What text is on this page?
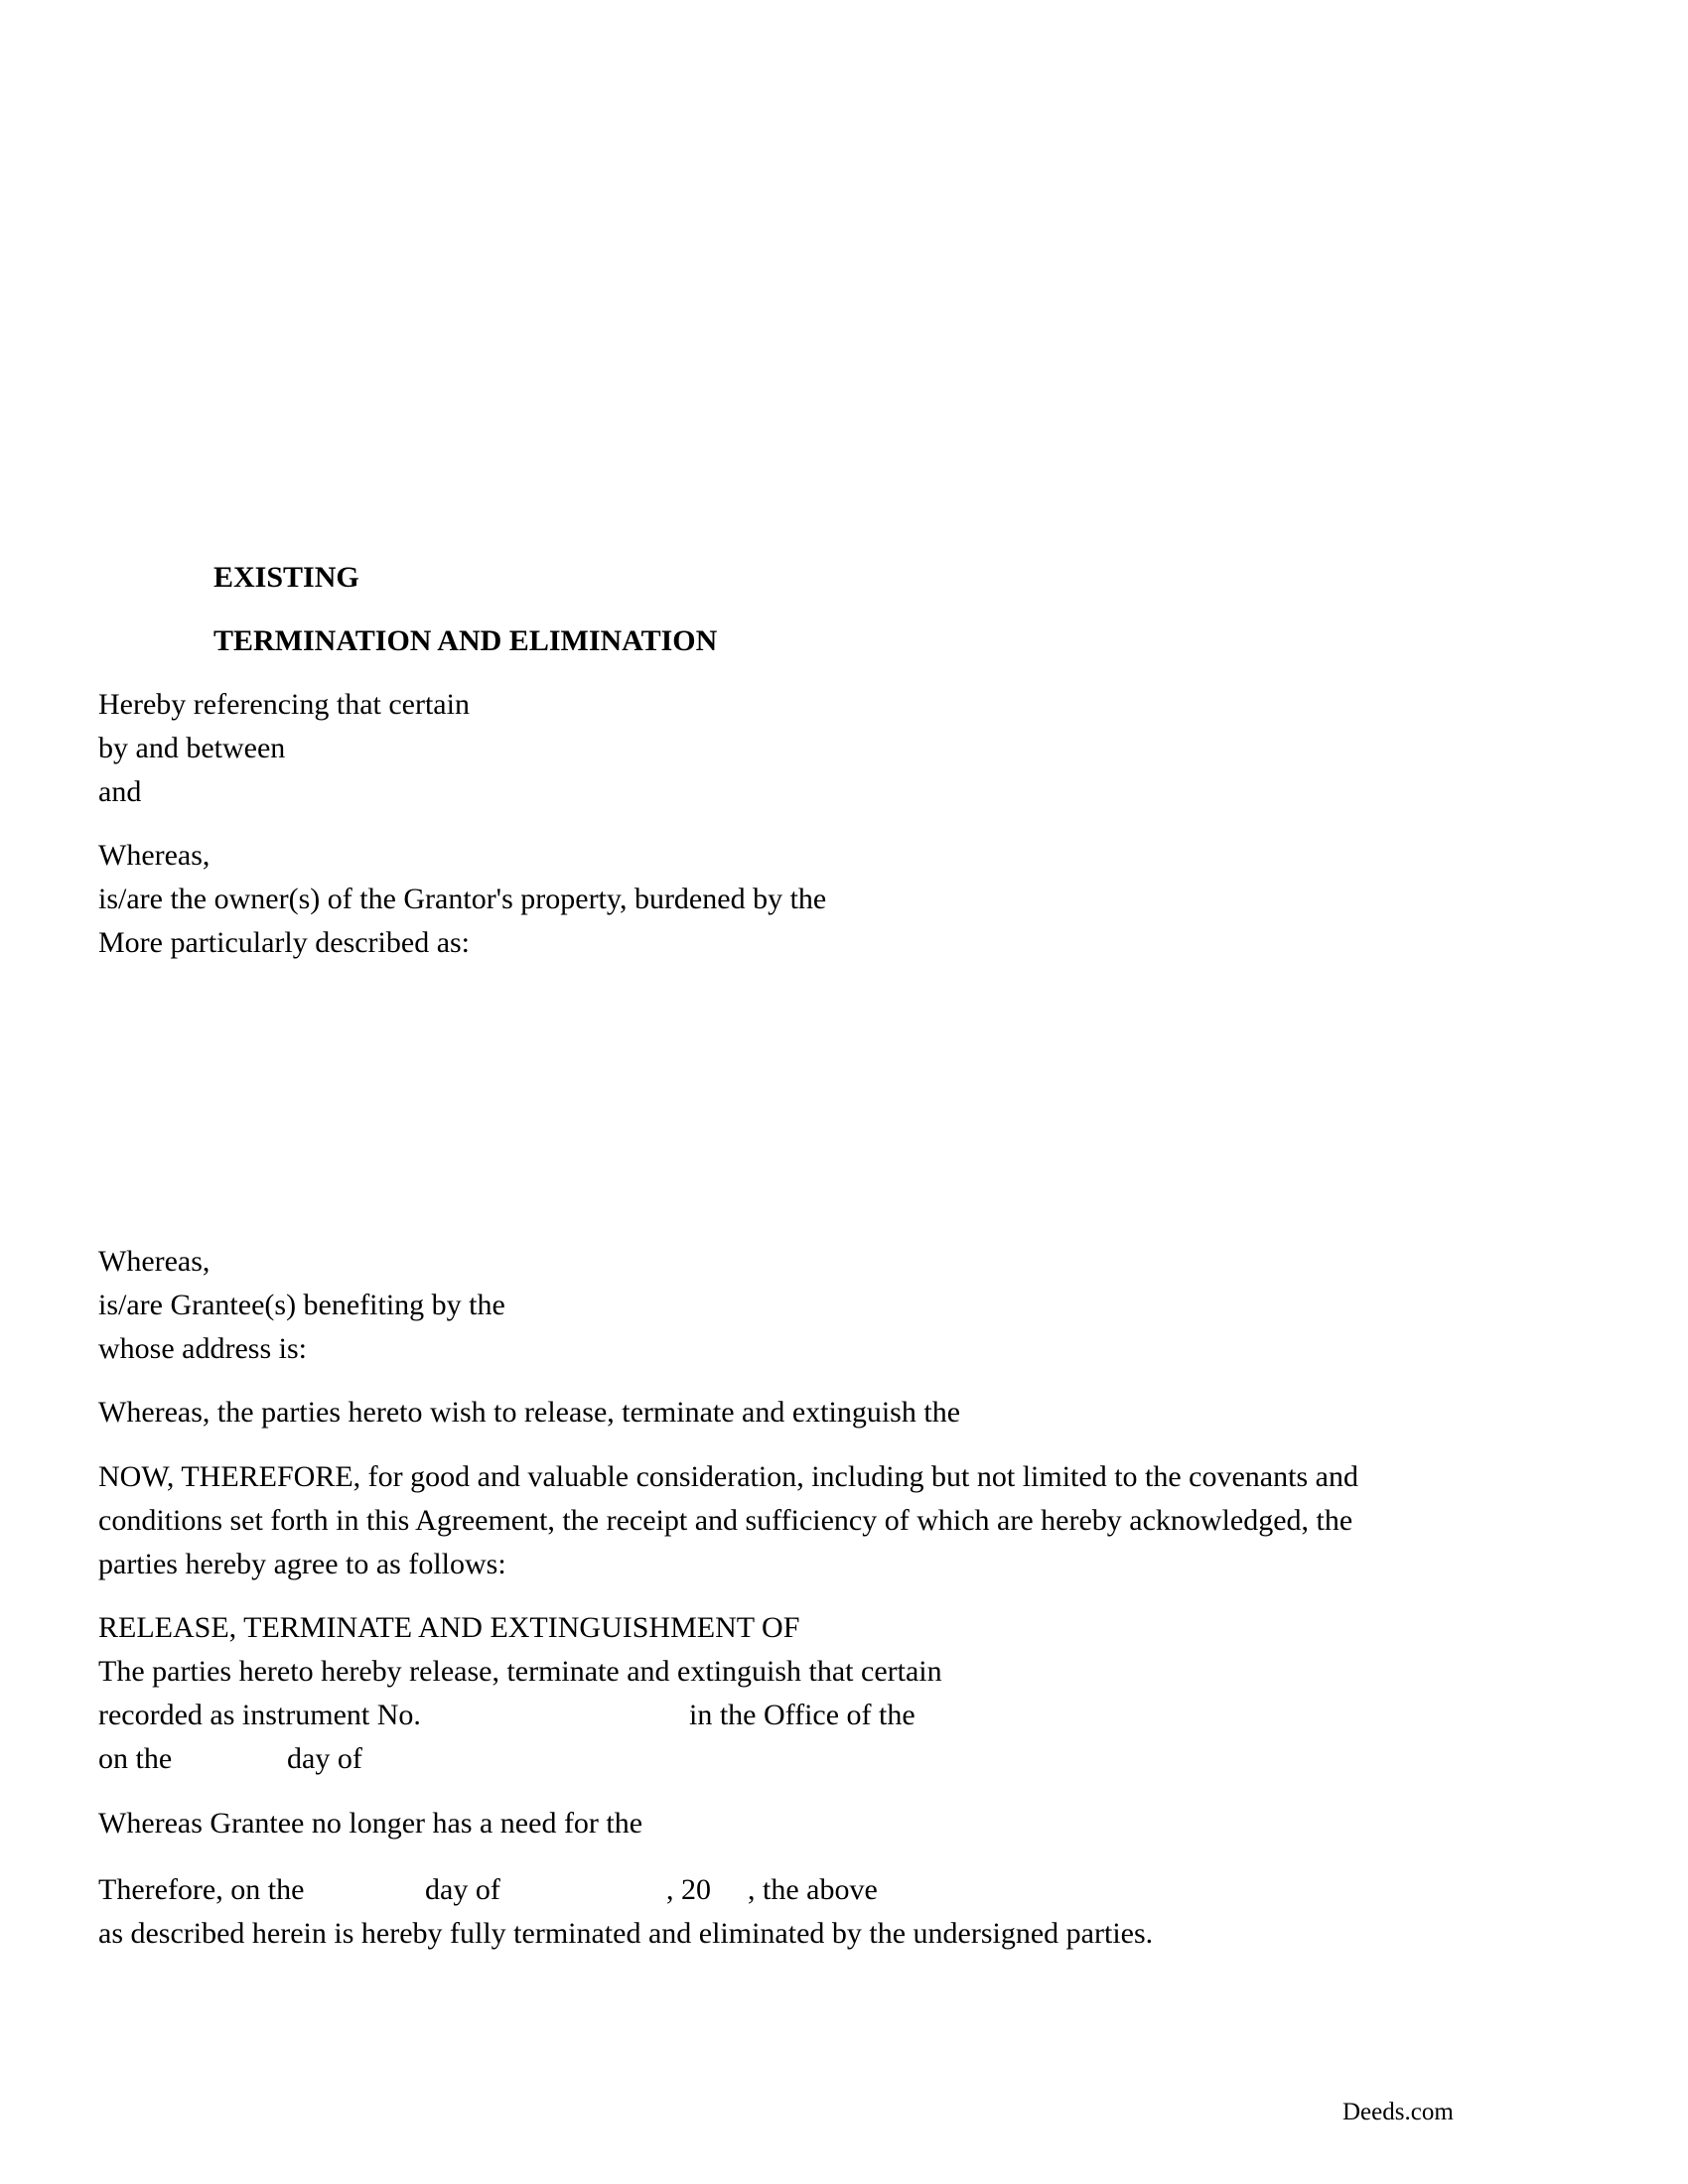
EXISTING
TERMINATION AND ELIMINATION
Hereby referencing that certain
by and between
and
Whereas,
is/are the owner(s) of the Grantor's property, burdened by the
More particularly described as:
Whereas,
is/are Grantee(s) benefiting by the
whose address is:
Whereas, the parties hereto wish to release, terminate and extinguish the
NOW, THEREFORE, for good and valuable consideration, including but not limited to the covenants and
conditions set forth in this Agreement, the receipt and sufficiency of which are hereby acknowledged, the
parties hereby agree to as follows:
RELEASE, TERMINATE AND EXTINGUISHMENT OF
The parties hereto hereby release, terminate and extinguish that certain
recorded as instrument No.	in the Office of the
on the	day of
Whereas Grantee no longer has a need for the
Therefore, on the	day of	, 20 , the above
as described herein is hereby fully terminated and eliminated by the undersigned parties.
Deeds.com
